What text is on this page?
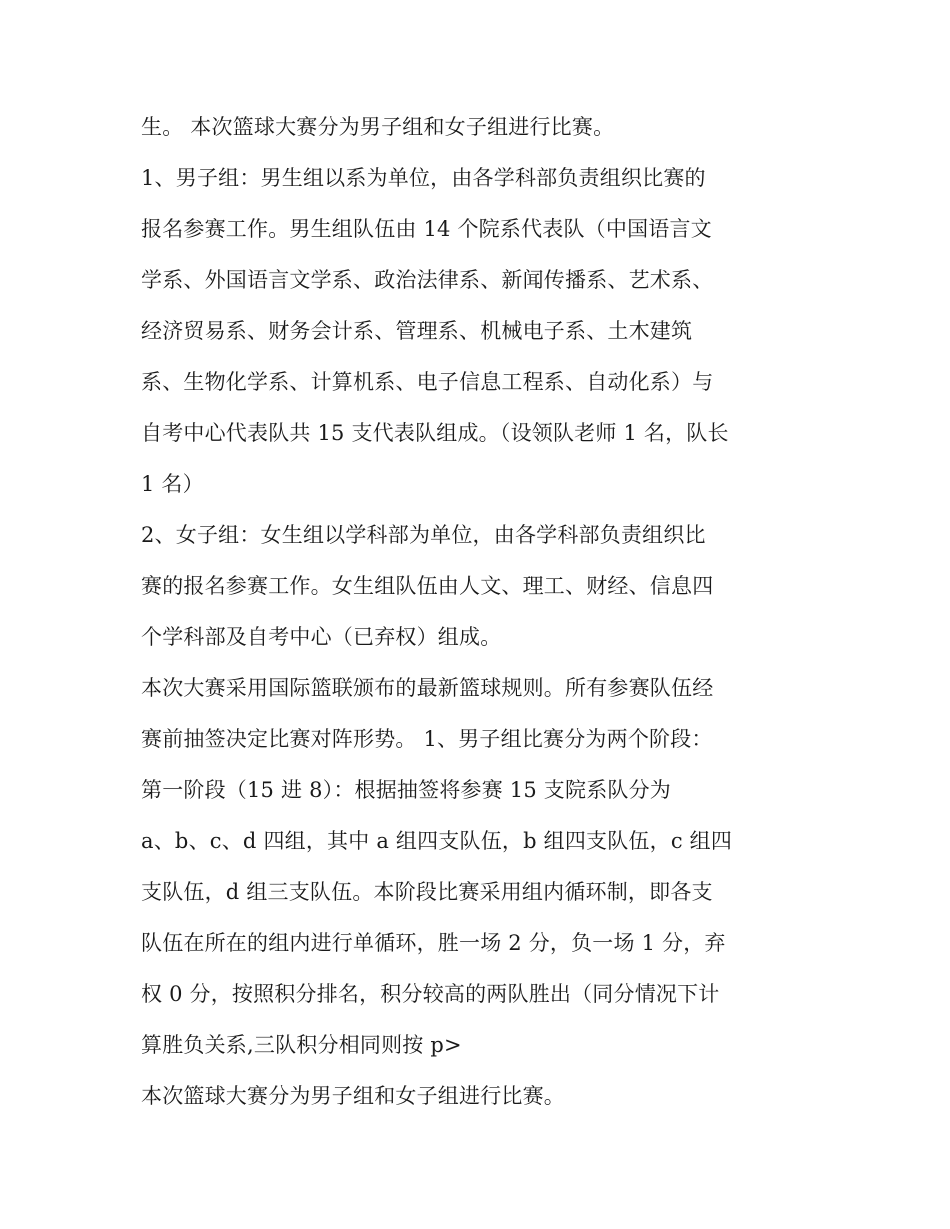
生。 本次篮球大赛分为男子组和女子组进行比赛。
1、男子组：男生组以系为单位，由各学科部负责组织比赛的
报名参赛工作。男生组队伍由 14 个院系代表队（中国语言文
学系、外国语言文学系、政治法律系、新闻传播系、艺术系、
经济贸易系、财务会计系、管理系、机械电子系、土木建筑
系、生物化学系、计算机系、电子信息工程系、自动化系）与
自考中心代表队共 15 支代表队组成。（设领队老师 1 名，队长
1 名）
2、女子组：女生组以学科部为单位，由各学科部负责组织比
赛的报名参赛工作。女生组队伍由人文、理工、财经、信息四
个学科部及自考中心（已弃权）组成。
本次大赛采用国际篮联颁布的最新篮球规则。所有参赛队伍经
赛前抽签决定比赛对阵形势。 1、男子组比赛分为两个阶段：
第一阶段（15 进 8）：根据抽签将参赛 15 支院系队分为
a、b、c、d 四组，其中 a 组四支队伍，b 组四支队伍，c 组四
支队伍，d 组三支队伍。本阶段比赛采用组内循环制，即各支
队伍在所在的组内进行单循环，胜一场 2 分，负一场 1 分，弃
权 0 分，按照积分排名，积分较高的两队胜出（同分情况下计
算胜负关系,三队积分相同则按 p>
本次篮球大赛分为男子组和女子组进行比赛。
